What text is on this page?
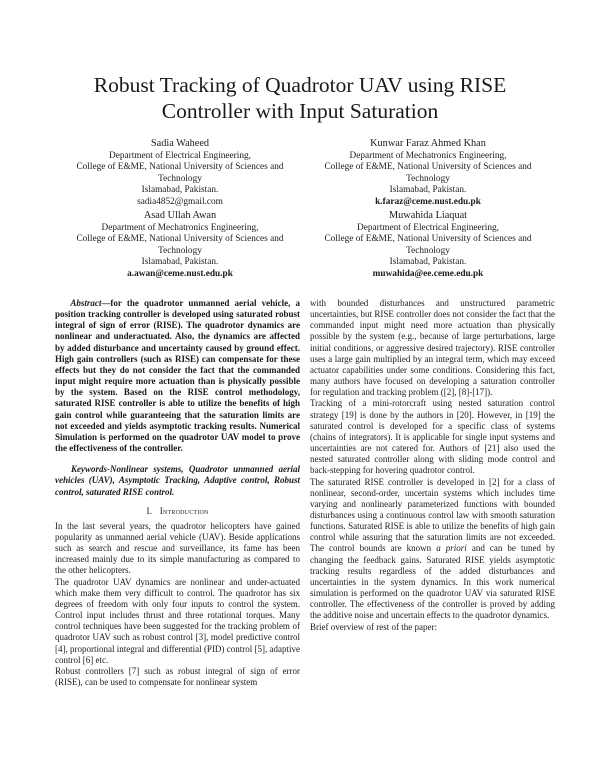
Robust Tracking of Quadrotor UAV using RISE
Controller with Input Saturation
Sadia Waheed
Department of Electrical Engineering,
College of E&ME, National University of Sciences and
Technology
Islamabad, Pakistan.
sadia4852@gmail.com
Kunwar Faraz Ahmed Khan
Department of Mechatronics Engineering,
College of E&ME, National University of Sciences and
Technology
Islamabad, Pakistan.
k.faraz@ceme.nust.edu.pk
Asad Ullah Awan
Department of Mechatronics Engineering,
College of E&ME, National University of Sciences and
Technology
Islamabad, Pakistan.
a.awan@ceme.nust.edu.pk
Muwahida Liaquat
Department of Electrical Engineering,
College of E&ME, National University of Sciences and
Technology
Islamabad, Pakistan.
muwahida@ee.ceme.edu.pk

Abstract—for the quadrotor unmanned aerial vehicle, a position tracking controller is developed using saturated robust integral of sign of error (RISE). The quadrotor dynamics are nonlinear and underactuated. Also, the dynamics are affected by added disturbance and uncertainty caused by ground effect. High gain controllers (such as RISE) can compensate for these effects but they do not consider the fact that the commanded input might require more actuation than is physically possible by the system. Based on the RISE control methodology, saturated RISE controller is able to utilize the benefits of high gain control while guaranteeing that the saturation limits are not exceeded and yields asymptotic tracking results. Numerical Simulation is performed on the quadrotor UAV model to prove the effectiveness of the controller.

Keywords-Nonlinear systems, Quadrotor unmanned aerial vehicles (UAV), Asymptotic Tracking, Adaptive control, Robust control, saturated RISE control.

I. Introduction

In the last several years, the quadrotor helicopters have gained popularity as unmanned aerial vehicle (UAV). Beside applications such as search and rescue and surveillance, its fame has been increased mainly due to its simple manufacturing as compared to the other helicopters.

The quadrotor UAV dynamics are nonlinear and under-actuated which make them very difficult to control. The quadrotor has six degrees of freedom with only four inputs to control the system. Control input includes thrust and three rotational torques. Many control techniques have been suggested for the tracking problem of quadrotor UAV such as robust control [3], model predictive control [4], proportional integral and differential (PID) control [5], adaptive control [6] etc.

Robust controllers [7] such as robust integral of sign of error (RISE), can be used to compensate for nonlinear system

with bounded disturbances and unstructured parametric uncertainties, but RISE controller does not consider the fact that the commanded input might need more actuation than physically possible by the system (e.g., because of large perturbations, large initial conditions, or aggressive desired trajectory). RISE controller uses a large gain multiplied by an integral term, which may exceed actuator capabilities under some conditions. Considering this fact, many authors have focused on developing a saturation controller for regulation and tracking problem ([2], [8]-[17]).

Tracking of a mini-rotorcraft using nested saturation control strategy [19] is done by the authors in [20]. However, in [19] the saturated control is developed for a specific class of systems (chains of integrators). It is applicable for single input systems and uncertainties are not catered for. Authors of [21] also used the nested saturated controller along with sliding mode control and back-stepping for hovering quadrotor control.

The saturated RISE controller is developed in [2] for a class of nonlinear, second-order, uncertain systems which includes time varying and nonlinearly parameterized functions with bounded disturbances using a continuous control law with smooth saturation functions. Saturated RISE is able to utilize the benefits of high gain control while assuring that the saturation limits are not exceeded. The control bounds are known a priori and can be tuned by changing the feedback gains. Saturated RISE yields asymptotic tracking results regardless of the added disturbances and uncertainties in the system dynamics. In this work numerical simulation is performed on the quadrotor UAV via saturated RISE controller. The effectiveness of the controller is proved by adding the additive noise and uncertain effects to the quadrotor dynamics.

Brief overview of rest of the paper:
